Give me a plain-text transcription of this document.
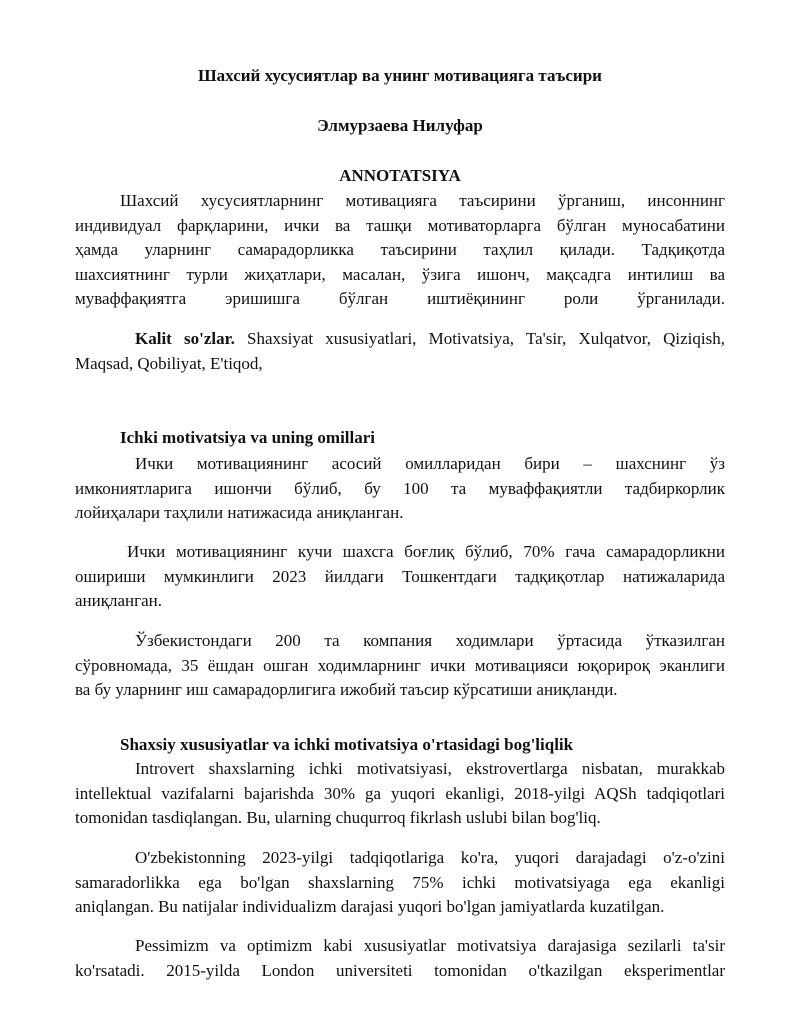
Шахсий хусусиятлар ва унинг мотивацияга таъсири
Элмурзаева Нилуфар
ANNOTATSIYA
Шахсий хусусиятларнинг мотивацияга таъсирини ўрганиш, инсоннинг
индивидуал фарқларини, ички ва ташқи мотиваторларга бўлган муносабатини
ҳамда уларнинг самарадорликка таъсирини таҳлил қилади. Тадқиқотда
шахсиятнинг турли жиҳатлари, масалан, ўзига ишонч, мақсадга интилиш ва
муваффақиятга эришишга бўлган иштиёқининг роли ўрганилади.
Kalit so'zlar. Shaxsiyat xususiyatlari, Motivatsiya, Ta'sir, Xulqatvor, Qiziqish,
Maqsad, Qobiliyat, E'tiqod,
Ichki motivatsiya va uning omillari
Ички мотивациянинг асосий омилларидан бири – шахснинг ўз
имкониятларига ишончи бўлиб, бу 100 та муваффақиятли тадбиркорлик
лойиҳалари таҳлили натижасида аниқланган.
Ички мотивациянинг кучи шахсга боғлиқ бўлиб, 70% гача самарадорликни
ошириши мумкинлиги 2023 йилдаги Тошкентдаги тадқиқотлар натижаларида
аниқланган.
Ўзбекистондаги 200 та компания ходимлари ўртасида ўтказилган
сўровномада, 35 ёшдан ошган ходимларнинг ички мотивацияси юқорироқ эканлиги
ва бу уларнинг иш самарадорлигига ижобий таъсир кўрсатиши аниқланди.
Shaxsiy xususiyatlar va ichki motivatsiya o'rtasidagi bog'liqlik
Introvert shaxslarning ichki motivatsiyasi, ekstrovertlarga nisbatan, murakkab
intellektual vazifalarni bajarishda 30% ga yuqori ekanligi, 2018-yilgi AQSh tadqiqotlari
tomonidan tasdiqlangan. Bu, ularning chuqurroq fikrlash uslubi bilan bog'liq.
O'zbekistonning 2023-yilgi tadqiqotlariga ko'ra, yuqori darajadagi o'z-o'zini
samaradorlikka ega bo'lgan shaxslarning 75% ichki motivatsiyaga ega ekanligi
aniqlangan. Bu natijalar individualizm darajasi yuqori bo'lgan jamiyatlarda kuzatilgan.
Pessimizm va optimizm kabi xususiyatlar motivatsiya darajasiga sezilarli ta'sir
ko'rsatadi. 2015-yilda London universiteti tomonidan o'tkazilgan eksperimentlar
